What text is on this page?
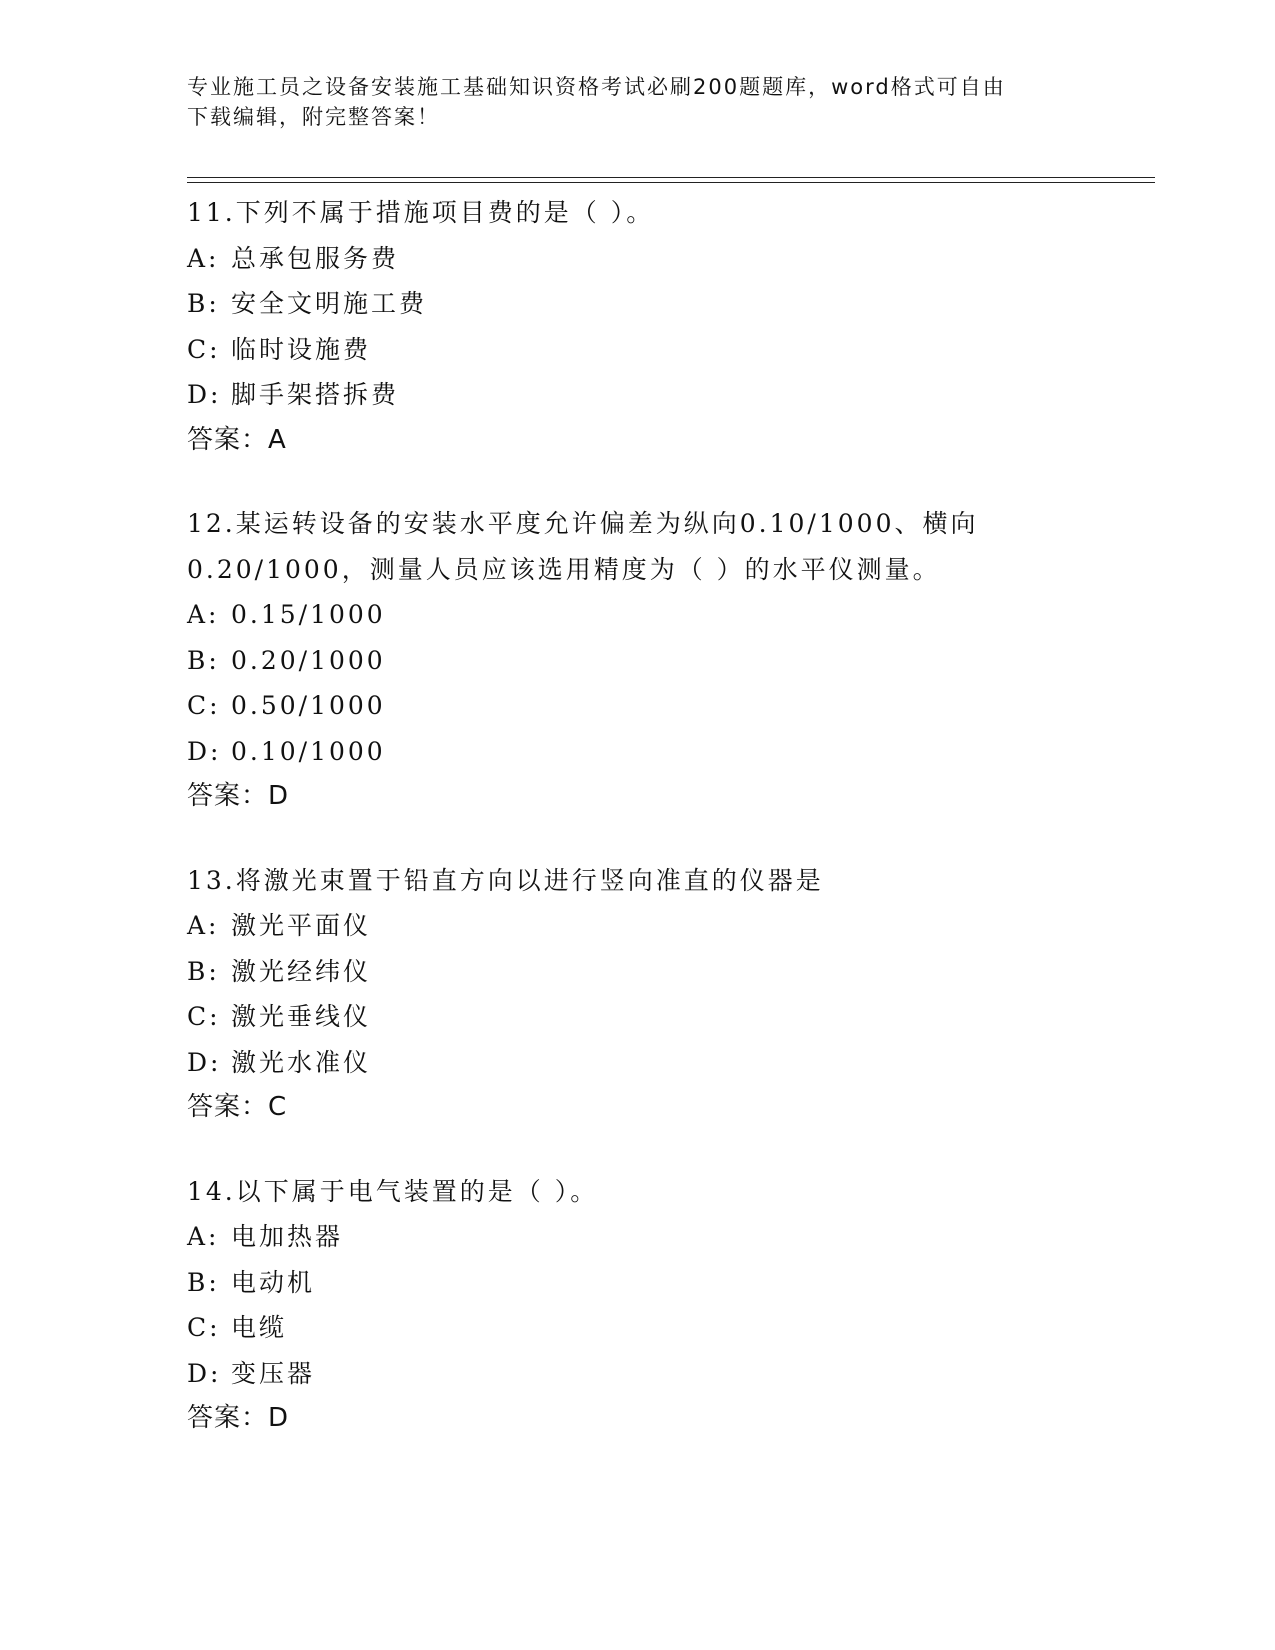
专业施工员之设备安装施工基础知识资格考试必刷200题题库，word格式可自由
下载编辑，附完整答案！
11.下列不属于措施项目费的是（ ）。
A: 总承包服务费
B: 安全文明施工费
C: 临时设施费
D: 脚手架搭拆费
答案：A
12.某运转设备的安装水平度允许偏差为纵向0.10/1000、横向
0.20/1000，测量人员应该选用精度为（ ）的水平仪测量。
A: 0.15/1000
B: 0.20/1000
C: 0.50/1000
D: 0.10/1000
答案：D
13.将激光束置于铅直方向以进行竖向准直的仪器是
A: 激光平面仪
B: 激光经纬仪
C: 激光垂线仪
D: 激光水准仪
答案：C
14.以下属于电气装置的是（ ）。
A: 电加热器
B: 电动机
C: 电缆
D: 变压器
答案：D
